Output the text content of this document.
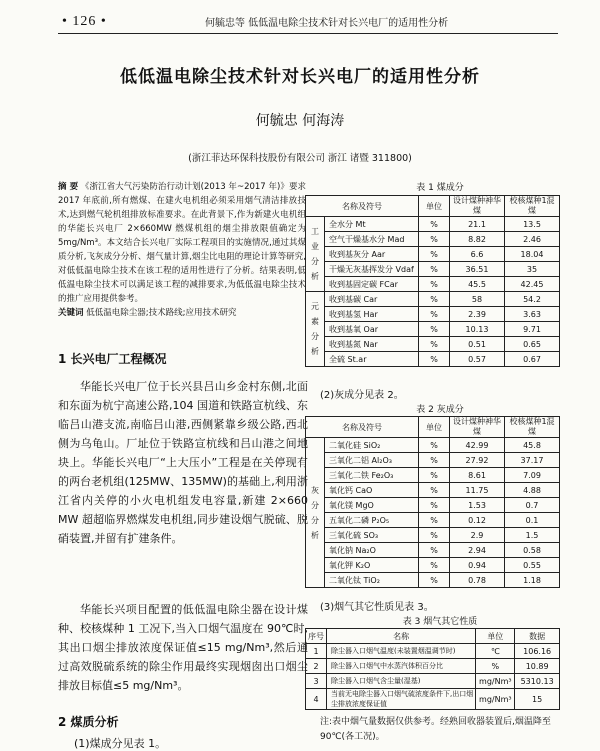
• 126 •	何毓忠等 低低温电除尘技术针对长兴电厂的适用性分析
低低温电除尘技术针对长兴电厂的适用性分析
何毓忠 何海涛
(浙江菲达环保科技股份有限公司 浙江 诸暨 311800)
摘 要 《浙江省大气污染防治行动计划(2013 年~2017 年)》要求 2017 年底前,所有燃煤、在建火电机组必须采用烟气清洁排放技术,达到燃气轮机组排放标准要求。在此背景下,作为新建火电机组的华能长兴电厂 2×660MW 燃煤机组的烟尘排放限值确定为 5mg/Nm³。本文结合长兴电厂实际工程项目的实施情况,通过其煤质分析,飞灰成分分析、烟气量计算,烟尘比电阻的理论计算等研究,对低低温电除尘技术在该工程的适用性进行了分析。结果表明,低低温电除尘技术可以满足该工程的减排要求,为低低温电除尘技术的推广应用提供参考。
关键词 低低温电除尘器;技术路线;应用技术研究
1 长兴电厂工程概况
华能长兴电厂位于长兴县吕山乡金村东侧,北面和东面为杭宁高速公路,104 国道和铁路宣杭线、东临吕山港支流,南临吕山港,西侧紧靠乡级公路,西北侧为乌龟山。厂址位于铁路宣杭线和吕山港之间地块上。华能长兴电厂“上大压小”工程是在关停现有的两台老机组(125MW、135MW)的基础上,利用浙江省内关停的小火电机组发电容量,新建 2×660 MW 超超临界燃煤发电机组,同步建设烟气脱硫、脱硝装置,并留有扩建条件。
华能长兴项目配置的低低温电除尘器在设计煤种、校核煤种 1 工况下,当入口烟气温度在 90℃时,其出口烟尘排放浓度保证值≤15 mg/Nm³,然后通过高效脱硫系统的除尘作用最终实现烟囱出口烟尘排放目标值≤5 mg/Nm³。
2 煤质分析
(1)煤成分见表 1。
表 1 煤成分
名称及符号		单位	设计煤种神华煤	校核煤种1混煤
工业分析	全水分 Mt	%	21.1	13.5
	空气干燥基水分 Mad	%	8.82	2.46
	收到基灰分 Aar	%	6.6	18.04
	干燥无灰基挥发分 Vdaf	%	36.51	35
	收到基固定碳 FCar	%	45.5	42.45
元素分析	收到基碳 Car	%	58	54.2
	收到基氢 Har	%	2.39	3.63
	收到基氧 Oar	%	10.13	9.71
	收到基氮 Nar	%	0.51	0.65
	全硫 St.ar	%	0.57	0.67
(2)灰成分见表 2。
表 2 灰成分
名称及符号		单位	设计煤种神华煤	校核煤种1混煤
灰分分析	二氧化硅 SiO₂	%	42.99	45.8
	三氧化二铝 Al₂O₃	%	27.92	37.17
	三氧化二铁 Fe₂O₃	%	8.61	7.09
	氧化钙 CaO	%	11.75	4.88
	氧化镁 MgO	%	1.53	0.7
	五氧化二磷 P₂O₅	%	0.12	0.1
	三氧化硫 SO₃	%	2.9	1.5
	氧化钠 Na₂O	%	2.94	0.58
	氧化钾 K₂O	%	0.94	0.55
	二氧化钛 TiO₂	%	0.78	1.18
(3)烟气其它性质见表 3。
表 3 烟气其它性质
序号	名称	单位	数据
1	除尘器入口烟气温度(未装置烟温调节时)	℃	106.16
2	除尘器入口烟气中水蒸汽体积百分比	%	10.89
3	除尘器入口烟气含尘量(湿基)	mg/Nm³	5310.13
4	当前无电除尘器入口烟气硫浓度条件下,出口烟尘排放浓度保证值	mg/Nm³	15
注:表中烟气量数据仅供参考。经熟回收器装置后,烟温降至 90℃(各工况)。
